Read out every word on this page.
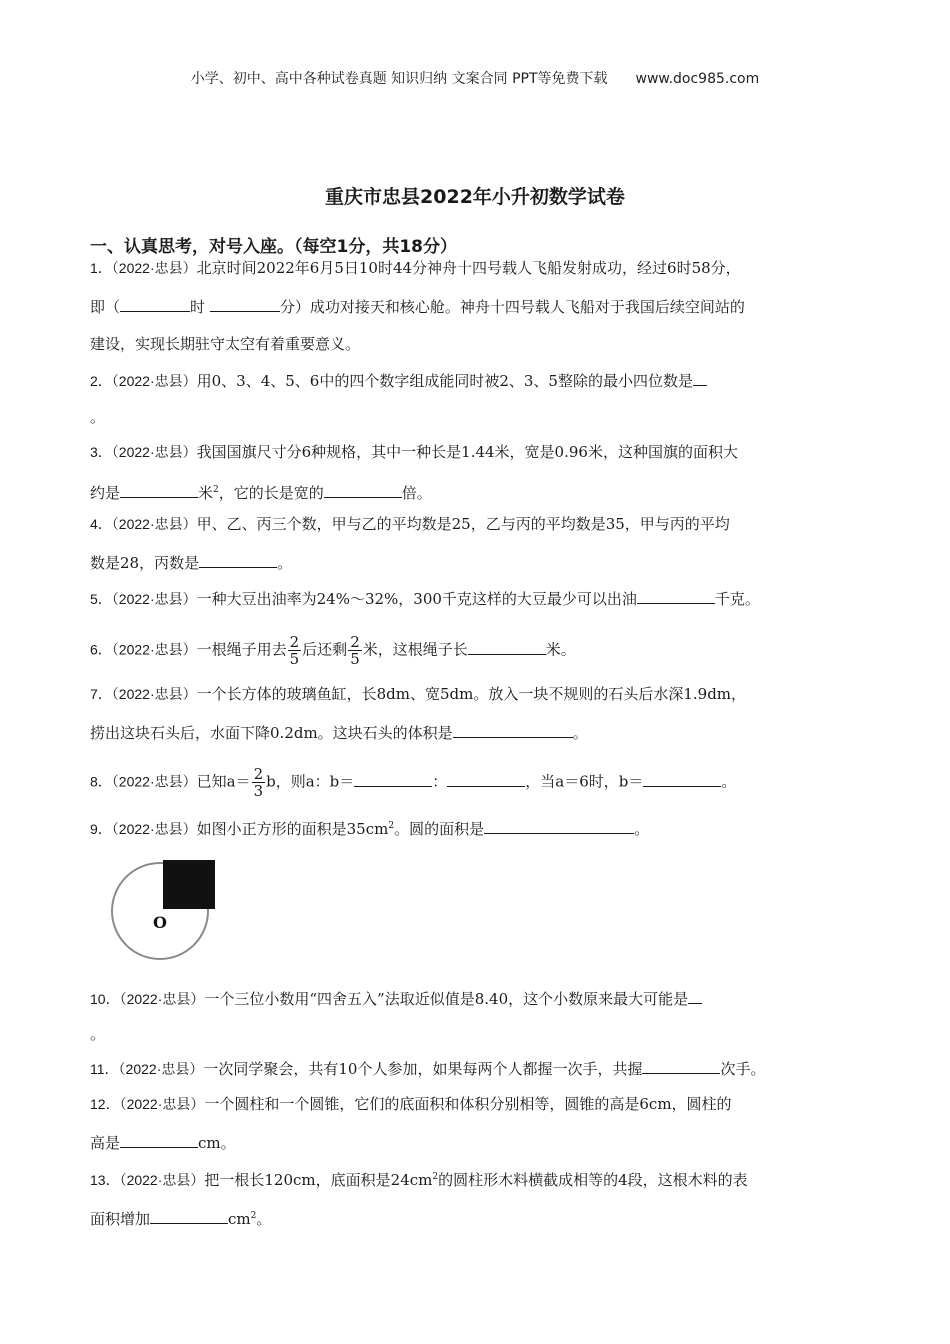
小学、初中、高中各种试卷真题 知识归纳 文案合同 PPT等免费下载 www.doc985.com
重庆市忠县2022年小升初数学试卷
一、认真思考，对号入座。（每空1分，共18分）
1．（2022·忠县）北京时间2022年6月5日10时44分神舟十四号载人飞船发射成功，经过6时58分，
即（	时	分）成功对接天和核心舱。神舟十四号载人飞船对于我国后续空间站的
建设，实现长期驻守太空有着重要意义。
2．（2022·忠县）用0、3、4、5、6中的四个数字组成能同时被2、3、5整除的最小四位数是
。
3．（2022·忠县）我国国旗尺寸分6种规格，其中一种长是1.44米，宽是0.96米，这种国旗的面积大
约是	米$^2$，它的长是宽的	倍。
4．（2022·忠县）甲、乙、丙三个数，甲与乙的平均数是25，乙与丙的平均数是35，甲与丙的平均
数是28，丙数是	。
5．（2022·忠县）一种大豆出油率为24%～32%，300千克这样的大豆最少可以出油	千克。
6．（2022·忠县）一根绳子用去 $\frac{2}{5}$ 后还剩 $\frac{2}{5}$ 米，这根绳子长	米。
7．（2022·忠县）一个长方体的玻璃鱼缸，长8dm、宽5dm。放入一块不规则的石头后水深1.9dm，
捞出这块石头后，水面下降0.2dm。这块石头的体积是	。
8．（2022·忠县）已知$a= \frac{2}{3}$ b，则a：b＝	：	，当a＝6时，b＝	。
9．（2022·忠县）如图小正方形的面积是$35cm^2$。圆的面积是	。
O
10．（2022·忠县）一个三位小数用“四舍五入”法取近似值是8.40，这个小数原来最大可能是
。
11．（2022·忠县）一次同学聚会，共有10个人参加，如果每两个人都握一次手，共握	次手。
12．（2022·忠县）一个圆柱和一个圆锥，它们的底面积和体积分别相等，圆锥的高是6cm，圆柱的
高是	cm。
13．（2022·忠县）把一根长120cm，底面积是$24cm^2$的圆柱形木料横截成相等的4段，这根木料的表
面积增加	$cm^2$。
